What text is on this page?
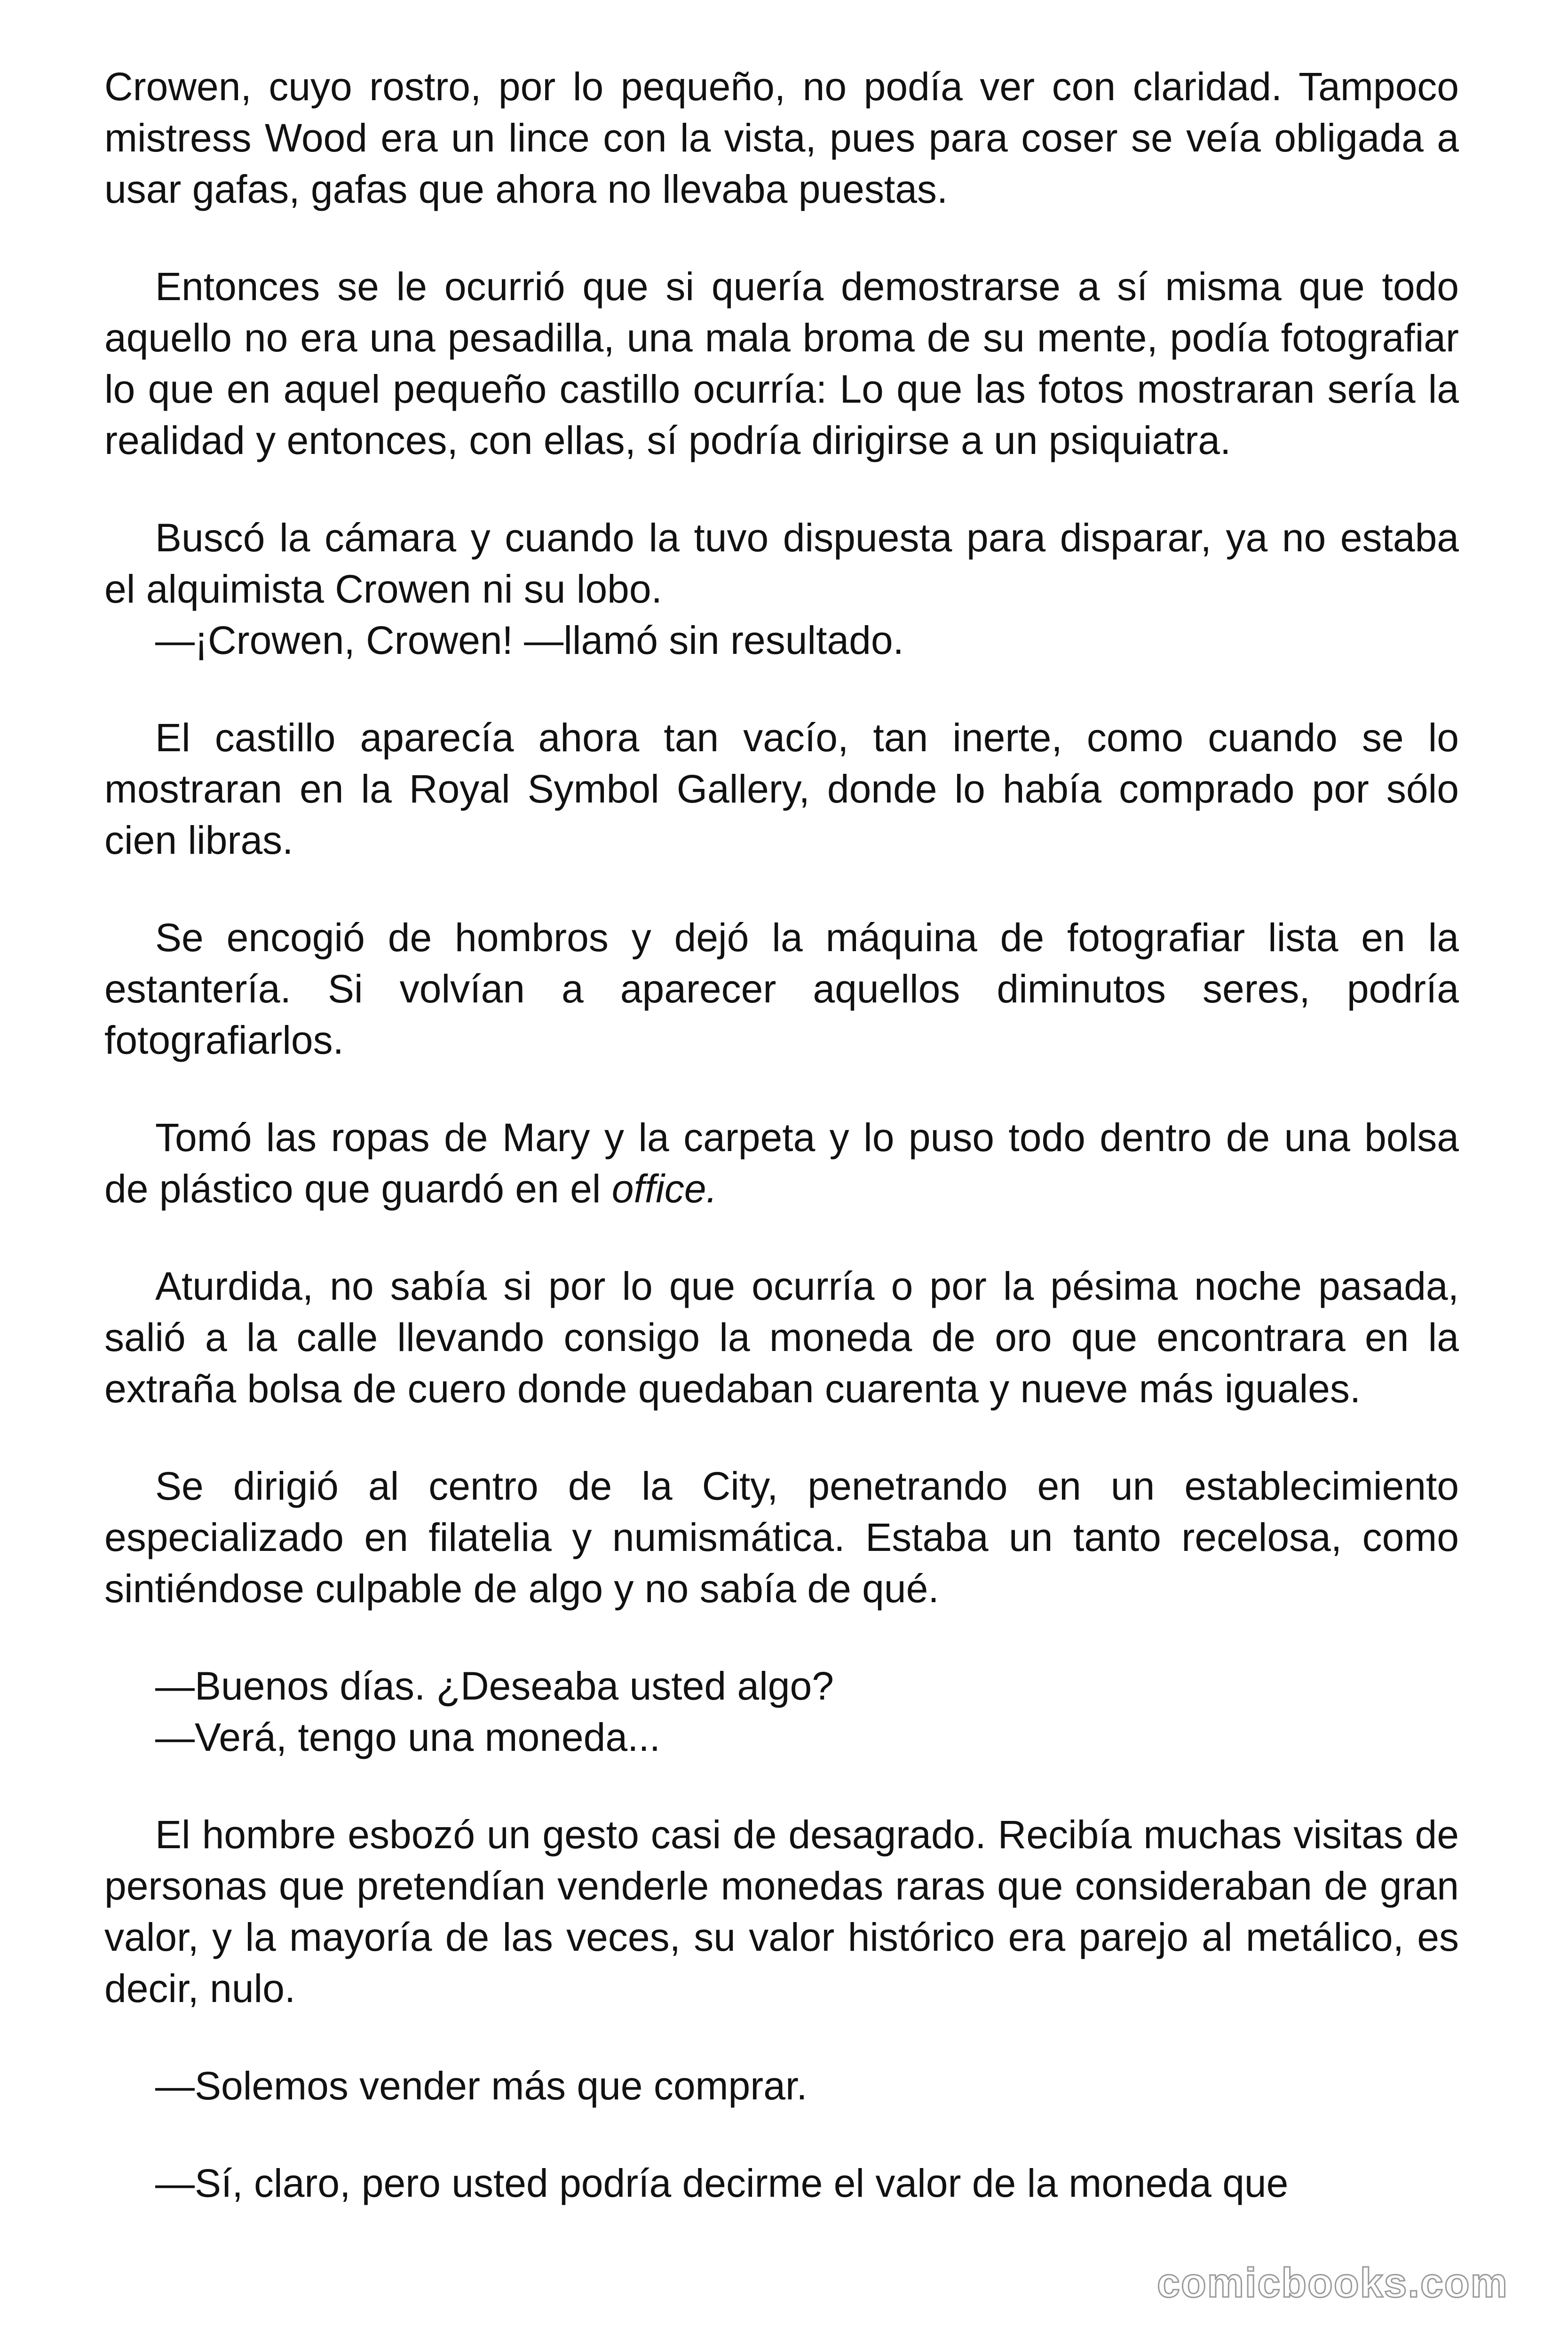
Crowen, cuyo rostro, por lo pequeño, no podía ver con claridad. Tampoco mistress Wood era un lince con la vista, pues para coser se veía obligada a usar gafas, gafas que ahora no llevaba puestas.

Entonces se le ocurrió que si quería demostrarse a sí misma que todo aquello no era una pesadilla, una mala broma de su mente, podía fotografiar lo que en aquel pequeño castillo ocurría: Lo que las fotos mostraran sería la realidad y entonces, con ellas, sí podría dirigirse a un psiquiatra.

Buscó la cámara y cuando la tuvo dispuesta para disparar, ya no estaba el alquimista Crowen ni su lobo.

—¡Crowen, Crowen! —llamó sin resultado.

El castillo aparecía ahora tan vacío, tan inerte, como cuando se lo mostraran en la Royal Symbol Gallery, donde lo había comprado por sólo cien libras.

Se encogió de hombros y dejó la máquina de fotografiar lista en la estantería. Si volvían a aparecer aquellos diminutos seres, podría fotografiarlos.

Tomó las ropas de Mary y la carpeta y lo puso todo dentro de una bolsa de plástico que guardó en el office.

Aturdida, no sabía si por lo que ocurría o por la pésima noche pasada, salió a la calle llevando consigo la moneda de oro que encontrara en la extraña bolsa de cuero donde quedaban cuarenta y nueve más iguales.

Se dirigió al centro de la City, penetrando en un establecimiento especializado en filatelia y numismática. Estaba un tanto recelosa, como sintiéndose culpable de algo y no sabía de qué.

—Buenos días. ¿Deseaba usted algo?

—Verá, tengo una moneda...

El hombre esbozó un gesto casi de desagrado. Recibía muchas visitas de personas que pretendían venderle monedas raras que consideraban de gran valor, y la mayoría de las veces, su valor histórico era parejo al metálico, es decir, nulo.

—Solemos vender más que comprar.

—Sí, claro, pero usted podría decirme el valor de la moneda que

comicbooks.com
